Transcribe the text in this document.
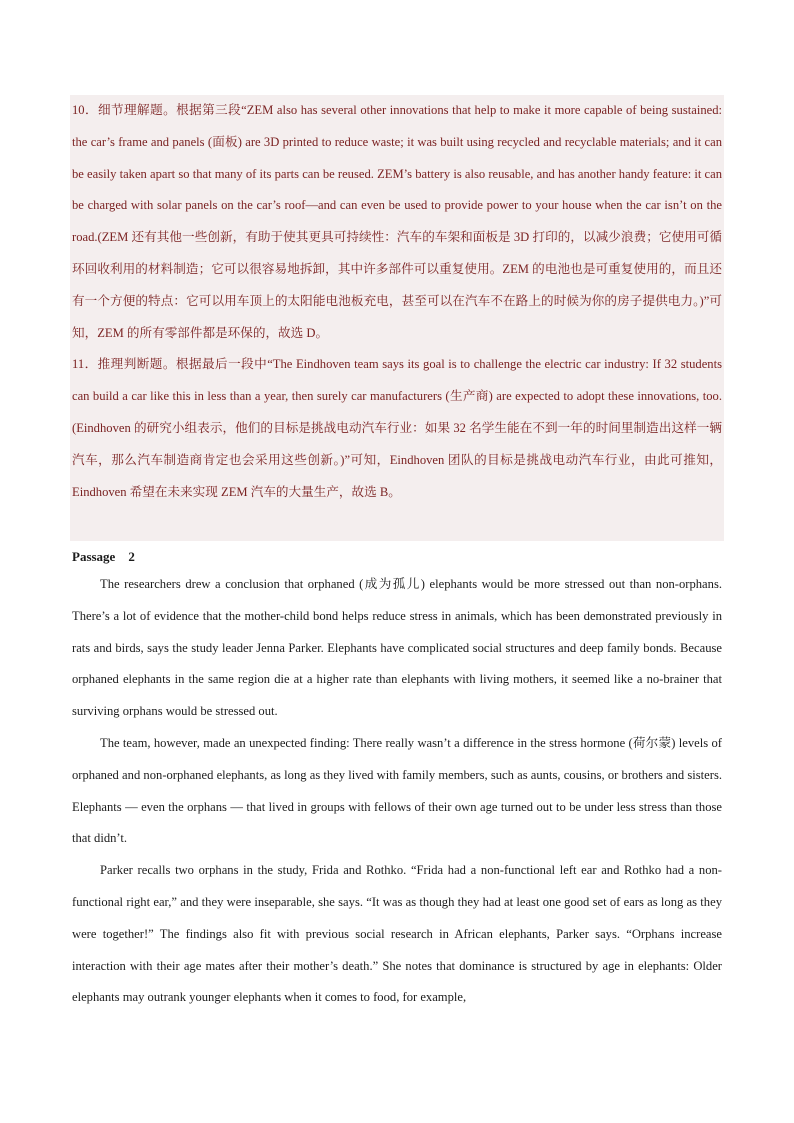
10．细节理解题。根据第三段“ZEM also has several other innovations that help to make it more capable of being sustained: the car’s frame and panels (面板) are 3D printed to reduce waste; it was built using recycled and recyclable materials; and it can be easily taken apart so that many of its parts can be reused. ZEM’s battery is also reusable, and has another handy feature: it can be charged with solar panels on the car’s roof—and can even be used to provide power to your house when the car isn’t on the road.(ZEM 还有其他一些创新，有助于使其更具可持续性：汽车的车架和面板是 3D 打印的，以减少浪费；它使用可循环回收利用的材料制造；它可以很容易地拆卸，其中许多部件可以重复使用。ZEM 的电池也是可重复使用的，而且还有一个方便的特点：它可以用车顶上的太阳能电池板充电，甚至可以在汽车不在路上的时候为你的房子提供电力。)”可知，ZEM 的所有零部件都是环保的，故选 D。

11．推理判断题。根据最后一段中“The Eindhoven team says its goal is to challenge the electric car industry: If 32 students can build a car like this in less than a year, then surely car manufacturers (生产商) are expected to adopt these innovations, too.(Eindhoven 的研究小组表示，他们的目标是挑战电动汽车行业：如果 32 名学生能在不到一年的时间里制造出这样一辆汽车，那么汽车制造商肯定也会采用这些创新。)”可知，Eindhoven 团队的目标是挑战电动汽车行业，由此可推知，Eindhoven 希望在未来实现 ZEM 汽车的大量生产，故选 B。

Passage　2

The researchers drew a conclusion that orphaned (成为孤儿) elephants would be more stressed out than non-orphans. There’s a lot of evidence that the mother-child bond helps reduce stress in animals, which has been demonstrated previously in rats and birds, says the study leader Jenna Parker. Elephants have complicated social structures and deep family bonds. Because orphaned elephants in the same region die at a higher rate than elephants with living mothers, it seemed like a no-brainer that surviving orphans would be stressed out.

The team, however, made an unexpected finding: There really wasn’t a difference in the stress hormone (荷尔蒙) levels of orphaned and non-orphaned elephants, as long as they lived with family members, such as aunts, cousins, or brothers and sisters. Elephants — even the orphans — that lived in groups with fellows of their own age turned out to be under less stress than those that didn’t.

Parker recalls two orphans in the study, Frida and Rothko. “Frida had a non-functional left ear and Rothko had a non-functional right ear,” and they were inseparable, she says. “It was as though they had at least one good set of ears as long as they were together!” The findings also fit with previous social research in African elephants, Parker says. “Orphans increase interaction with their age mates after their mother’s death.” She notes that dominance is structured by age in elephants: Older elephants may outrank younger elephants when it comes to food, for example,
